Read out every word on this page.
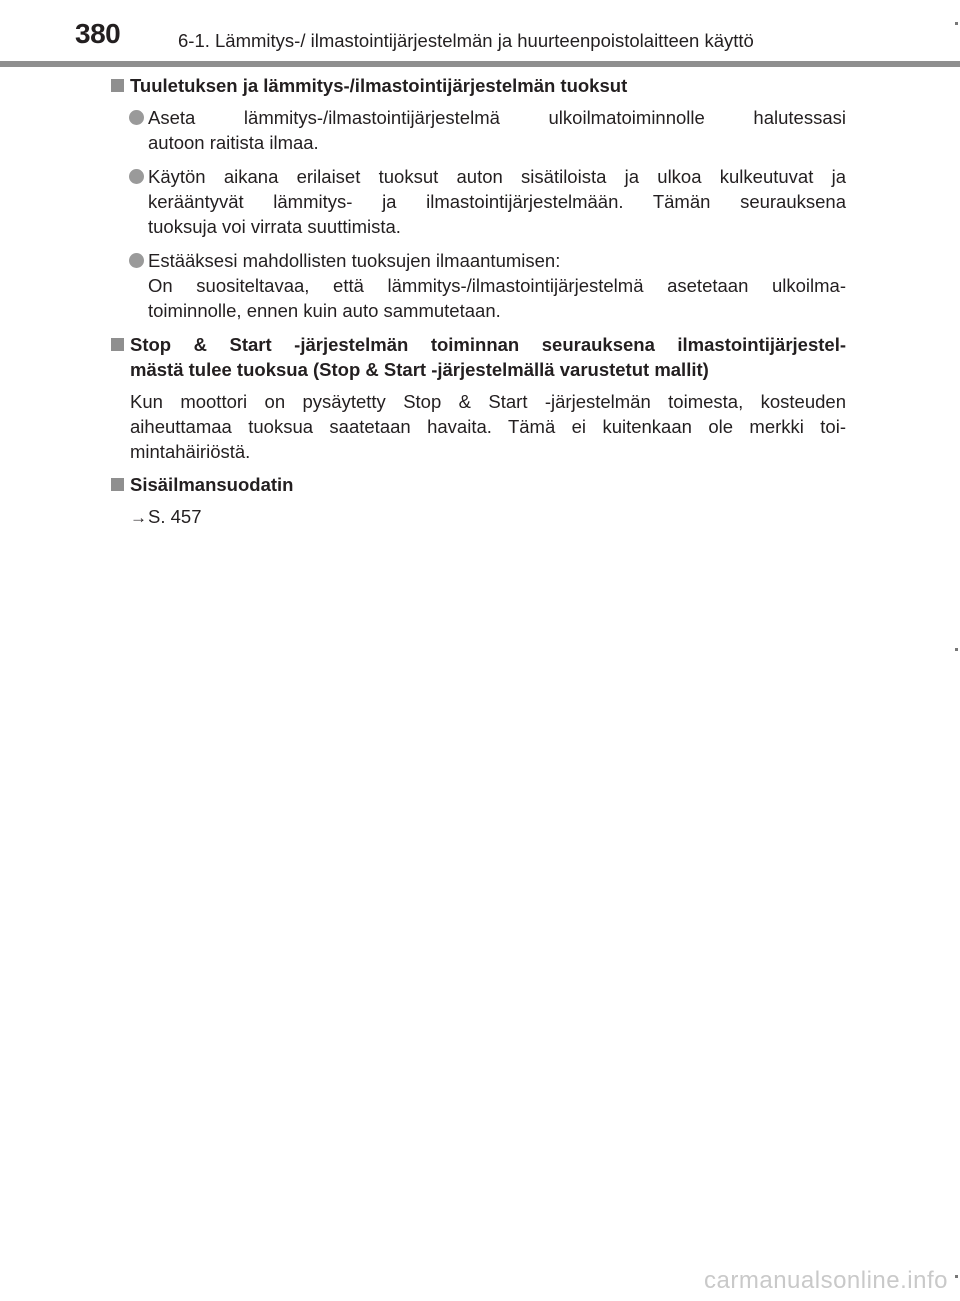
380	6-1. Lämmitys-/ ilmastointijärjestelmän ja huurteenpoistolaitteen käyttö
Tuuletuksen ja lämmitys-/ilmastointijärjestelmän tuoksut
Aseta lämmitys-/ilmastointijärjestelmä ulkoilmatoiminnolle halutessasi
autoon raitista ilmaa.
Käytön aikana erilaiset tuoksut auton sisätiloista ja ulkoa kulkeutuvat ja
kerääntyvät lämmitys- ja ilmastointijärjestelmään. Tämän seurauksena
tuoksuja voi virrata suuttimista.
Estääksesi mahdollisten tuoksujen ilmaantumisen:
On suositeltavaa, että lämmitys-/ilmastointijärjestelmä asetetaan ulkoilma-
toiminnolle, ennen kuin auto sammutetaan.
Stop & Start -järjestelmän toiminnan seurauksena ilmastointijärjestel-
mästä tulee tuoksua (Stop & Start -järjestelmällä varustetut mallit)
Kun moottori on pysäytetty Stop & Start -järjestelmän toimesta, kosteuden
aiheuttamaa tuoksua saatetaan havaita. Tämä ei kuitenkaan ole merkki toi-
mintahäiriöstä.
Sisäilmansuodatin
→S. 457
carmanualsonline.info
